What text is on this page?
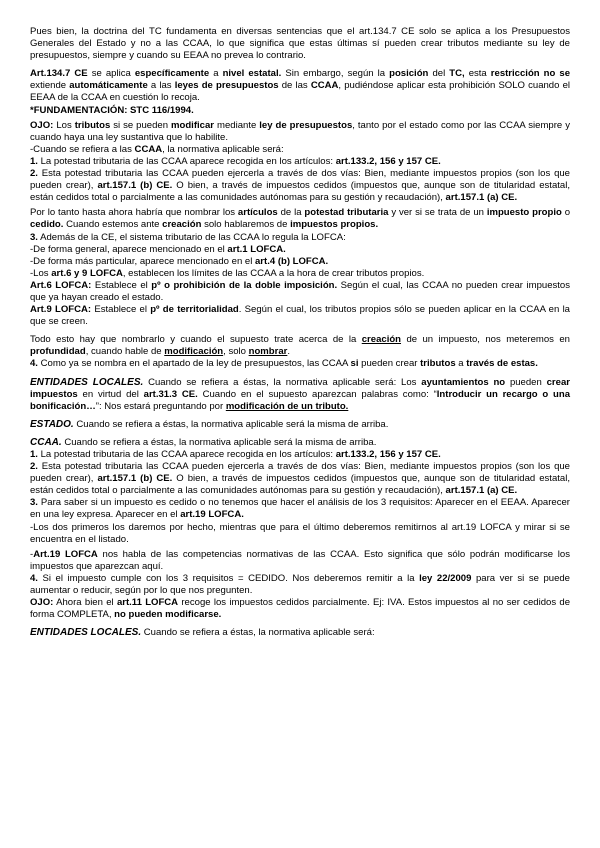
Pues bien, la doctrina del TC fundamenta en diversas sentencias que el art.134.7 CE solo se aplica a los Presupuestos Generales del Estado y no a las CCAA, lo que significa que estas últimas sí pueden crear tributos mediante su ley de presupuestos, siempre y cuando su EEAA no prevea lo contrario.

Art.134.7 CE se aplica específicamente a nivel estatal. Sin embargo, según la posición del TC, esta restricción no se extiende automáticamente a las leyes de presupuestos de las CCAA, pudiéndose aplicar esta prohibición SOLO cuando el EEAA de la CCAA en cuestión lo recoja.

*FUNDAMENTACIÓN: STC 116/1994.

OJO: Los tributos si se pueden modificar mediante ley de presupuestos, tanto por el estado como por las CCAA siempre y cuando haya una ley sustantiva que lo habilite.

-Cuando se refiera a las CCAA, la normativa aplicable será:

1. La potestad tributaria de las CCAA aparece recogida en los artículos: art.133.2, 156 y 157 CE.

2. Esta potestad tributaria las CCAA pueden ejercerla a través de dos vías: Bien, mediante impuestos propios (son los que pueden crear), art.157.1 (b) CE. O bien, a través de impuestos cedidos (impuestos que, aunque son de titularidad estatal, están cedidos total o parcialmente a las comunidades autónomas para su gestión y recaudación), art.157.1 (a) CE.

Por lo tanto hasta ahora habría que nombrar los artículos de la potestad tributaria y ver si se trata de un impuesto propio o cedido. Cuando estemos ante creación solo hablaremos de impuestos propios.

3. Además de la CE, el sistema tributario de las CCAA lo regula la LOFCA:

-De forma general, aparece mencionado en el art.1 LOFCA.

-De forma más particular, aparece mencionado en el art.4 (b) LOFCA.

-Los art.6 y 9 LOFCA, establecen los límites de las CCAA a la hora de crear tributos propios.

Art.6 LOFCA: Establece el pº o prohibición de la doble imposición. Según el cual, las CCAA no pueden crear impuestos que ya hayan creado el estado.

Art.9 LOFCA: Establece el pº de territorialidad. Según el cual, los tributos propios sólo se pueden aplicar en la CCAA en la que se creen.

Todo esto hay que nombrarlo y cuando el supuesto trate acerca de la creación de un impuesto, nos meteremos en profundidad, cuando hable de modificación, solo nombrar.

4. Como ya se nombra en el apartado de la ley de presupuestos, las CCAA si pueden crear tributos a través de estas.

ENTIDADES LOCALES. Cuando se refiera a éstas, la normativa aplicable será: Los ayuntamientos no pueden crear impuestos en virtud del art.31.3 CE. Cuando en el supuesto aparezcan palabras como: “Introducir un recargo o una bonificación…”: Nos estará preguntando por modificación de un tributo.

ESTADO. Cuando se refiera a éstas, la normativa aplicable será la misma de arriba.

CCAA. Cuando se refiera a éstas, la normativa aplicable será la misma de arriba.

1. La potestad tributaria de las CCAA aparece recogida en los artículos: art.133.2, 156 y 157 CE.

2. Esta potestad tributaria las CCAA pueden ejercerla a través de dos vías: Bien, mediante impuestos propios (son los que pueden crear), art.157.1 (b) CE. O bien, a través de impuestos cedidos (impuestos que, aunque son de titularidad estatal, están cedidos total o parcialmente a las comunidades autónomas para su gestión y recaudación), art.157.1 (a) CE.

3. Para saber si un impuesto es cedido o no tenemos que hacer el análisis de los 3 requisitos: Aparecer en el EEAA. Aparecer en una ley expresa. Aparecer en el art.19 LOFCA.

-Los dos primeros los daremos por hecho, mientras que para el último deberemos remitirnos al art.19 LOFCA y mirar si se encuentra en el listado.

-Art.19 LOFCA nos habla de las competencias normativas de las CCAA. Esto significa que sólo podrán modificarse los impuestos que aparezcan aquí.

4. Si el impuesto cumple con los 3 requisitos = CEDIDO. Nos deberemos remitir a la ley 22/2009 para ver si se puede aumentar o reducir, según por lo que nos pregunten.

OJO: Ahora bien el art.11 LOFCA recoge los impuestos cedidos parcialmente. Ej: IVA. Estos impuestos al no ser cedidos de forma COMPLETA, no pueden modificarse.

ENTIDADES LOCALES. Cuando se refiera a éstas, la normativa aplicable será:
